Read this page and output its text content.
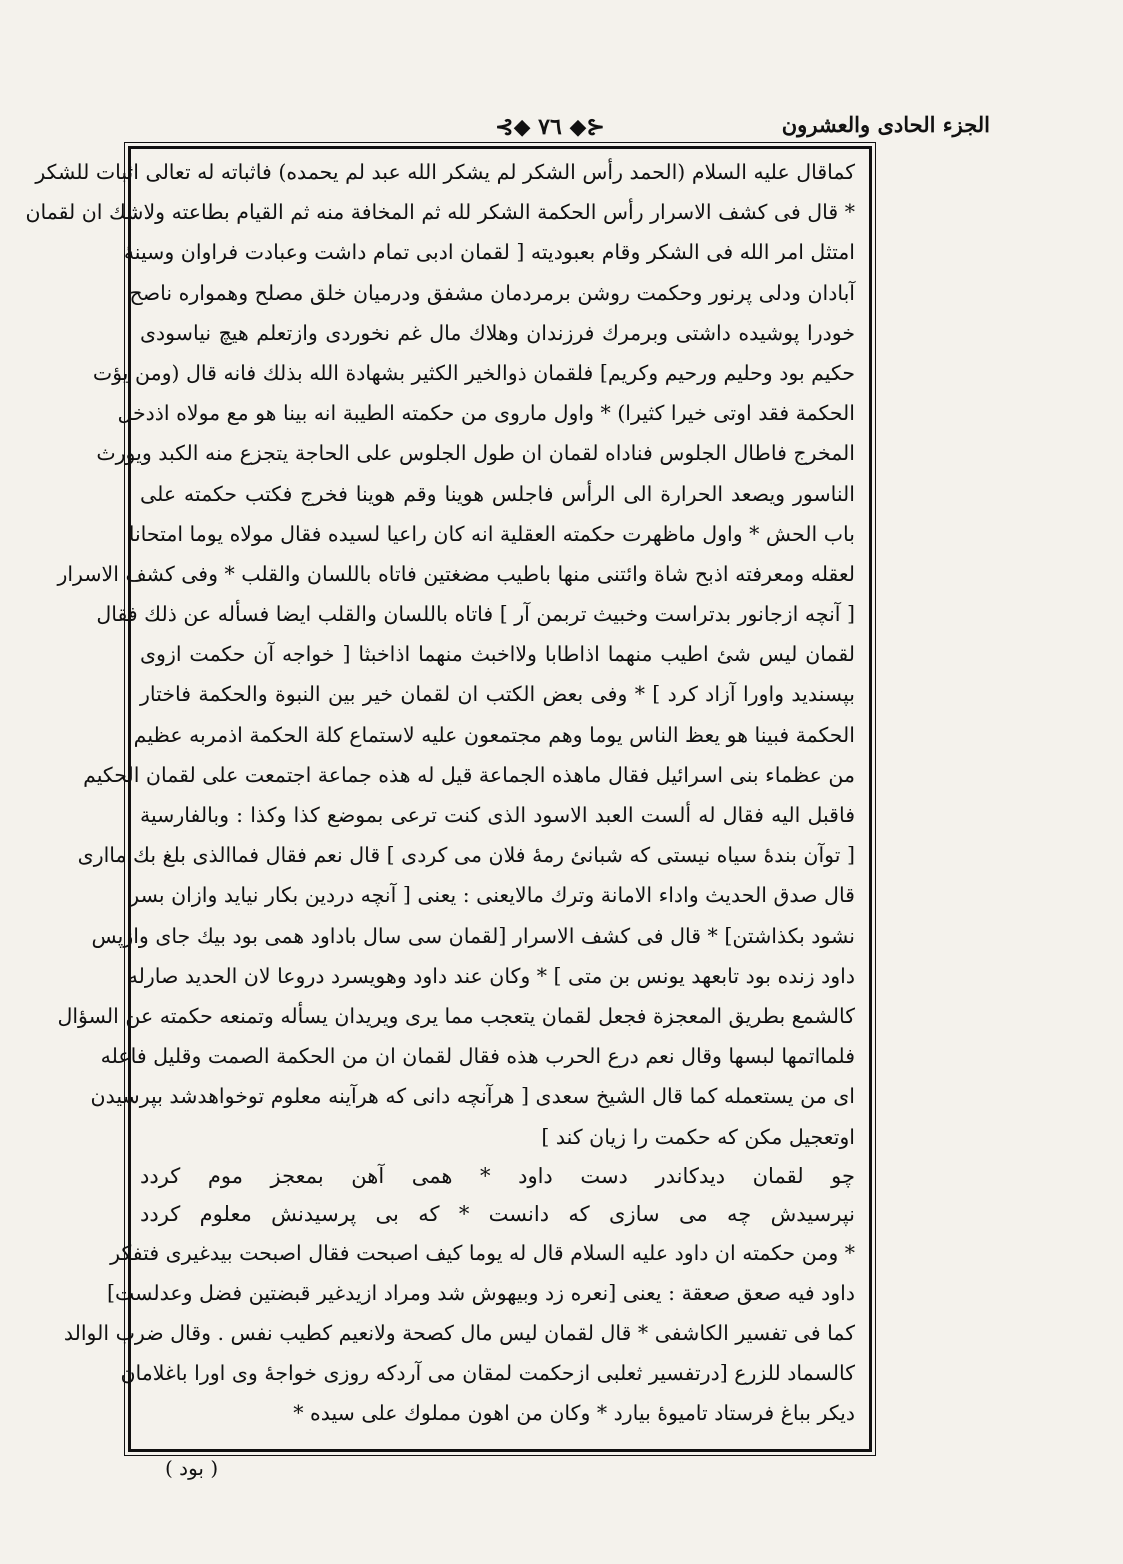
⊰◆ ٧٦ ◆⊱	الجزء الحادى والعشرون
كماقال عليه السلام (الحمد رأس الشكر لم يشكر الله عبد لم يحمده) فاثباته له تعالى اثبات للشكر
* قال فى كشف الاسرار رأس الحكمة الشكر لله ثم المخافة منه ثم القيام بطاعته ولاشك ان لقمان
امتثل امر الله فى الشكر وقام بعبوديته [ لقمان ادبى تمام داشت وعبادت فراوان وسينهٔ
آبادان ودلى پرنور وحكمت روشن برمردمان مشفق ودرميان خلق مصلح وهمواره ناصح
خودرا پوشيده داشتى وبرمرك فرزندان وهلاك مال غم نخوردى وازتعلم هيچ نياسودى
حكيم بود وحليم ورحيم وكريم] فلقمان ذوالخير الكثير بشهادة الله بذلك فانه قال (ومن يؤت
الحكمة فقد اوتى خيرا كثيرا) * واول ماروى من حكمته الطيبة انه بينا هو مع مولاه اذدخل
المخرج فاطال الجلوس فناداه لقمان ان طول الجلوس على الحاجة يتجزع منه الكبد ويورث
الناسور ويصعد الحرارة الى الرأس فاجلس هوينا وقم هوينا فخرج فكتب حكمته على
باب الحش * واول ماظهرت حكمته العقلية انه كان راعيا لسيده فقال مولاه يوما امتحانا
لعقله ومعرفته اذبح شاة وائتنى منها باطيب مضغتين فاتاه باللسان والقلب * وفى كشف الاسرار
[ آنچه ازجانور بدتراست وخبيث تربمن آر ] فاتاه باللسان والقلب ايضا فسأله عن ذلك فقال
لقمان ليس شئ اطيب منهما اذاطابا ولااخبث منهما اذاخبثا [ خواجه آن حكمت ازوى
بپسنديد واورا آزاد كرد ] * وفى بعض الكتب ان لقمان خير بين النبوة والحكمة فاختار
الحكمة فبينا هو يعظ الناس يوما وهم مجتمعون عليه لاستماع كلة الحكمة اذمربه عظيم
من عظماء بنى اسرائيل فقال ماهذه الجماعة قيل له هذه جماعة اجتمعت على لقمان الحكيم
فاقبل اليه فقال له ألست العبد الاسود الذى كنت ترعى بموضع كذا وكذا : وبالفارسية
[ توآن بندهٔ سياه نيستى كه شبانئ رمهٔ فلان مى كردى ] قال نعم فقال فماالذى بلغ بك ماارى
قال صدق الحديث واداء الامانة وترك مالايعنى : يعنى [ آنچه دردين بكار نيايد وازان بسر
نشود بكذاشتن] * قال فى كشف الاسرار [لقمان سى سال باداود همى بود بيك جاى وازپس
داود زنده بود تابعهد يونس بن متى ] * وكان عند داود وهويسرد دروعا لان الحديد صارله
كالشمع بطريق المعجزة فجعل لقمان يتعجب مما يرى ويريدان يسأله وتمنعه حكمته عن السؤال
فلمااتمها لبسها وقال نعم درع الحرب هذه فقال لقمان ان من الحكمة الصمت وقليل فاعله
اى من يستعمله كما قال الشيخ سعدى [ هرآنچه دانى كه هرآينه معلوم توخواهدشد بپرسيدن
اوتعجيل مكن كه حكمت را زيان كند ]
چو لقمان ديدكاندر دست داود * همى آهن بمعجز موم كردد
نپرسيدش چه مى سازى كه دانست * كه بى پرسيدنش معلوم كردد
* ومن حكمته ان داود عليه السلام قال له يوما كيف اصبحت فقال اصبحت بيدغيرى فتفكر
داود فيه صعق صعقة : يعنى [نعره زد وبيهوش شد ومراد ازيدغير قبضتين فضل وعدلست]
كما فى تفسير الكاشفى * قال لقمان ليس مال كصحة ولانعيم كطيب نفس . وقال ضرب الوالد
كالسماد للزرع [درتفسير ثعلبى ازحكمت لمقان مى آردكه روزى خواجهٔ وى اورا باغلامان
ديكر بباغ فرستاد تاميوهٔ بيارد * وكان من اهون مملوك على سيده *
( بود )
